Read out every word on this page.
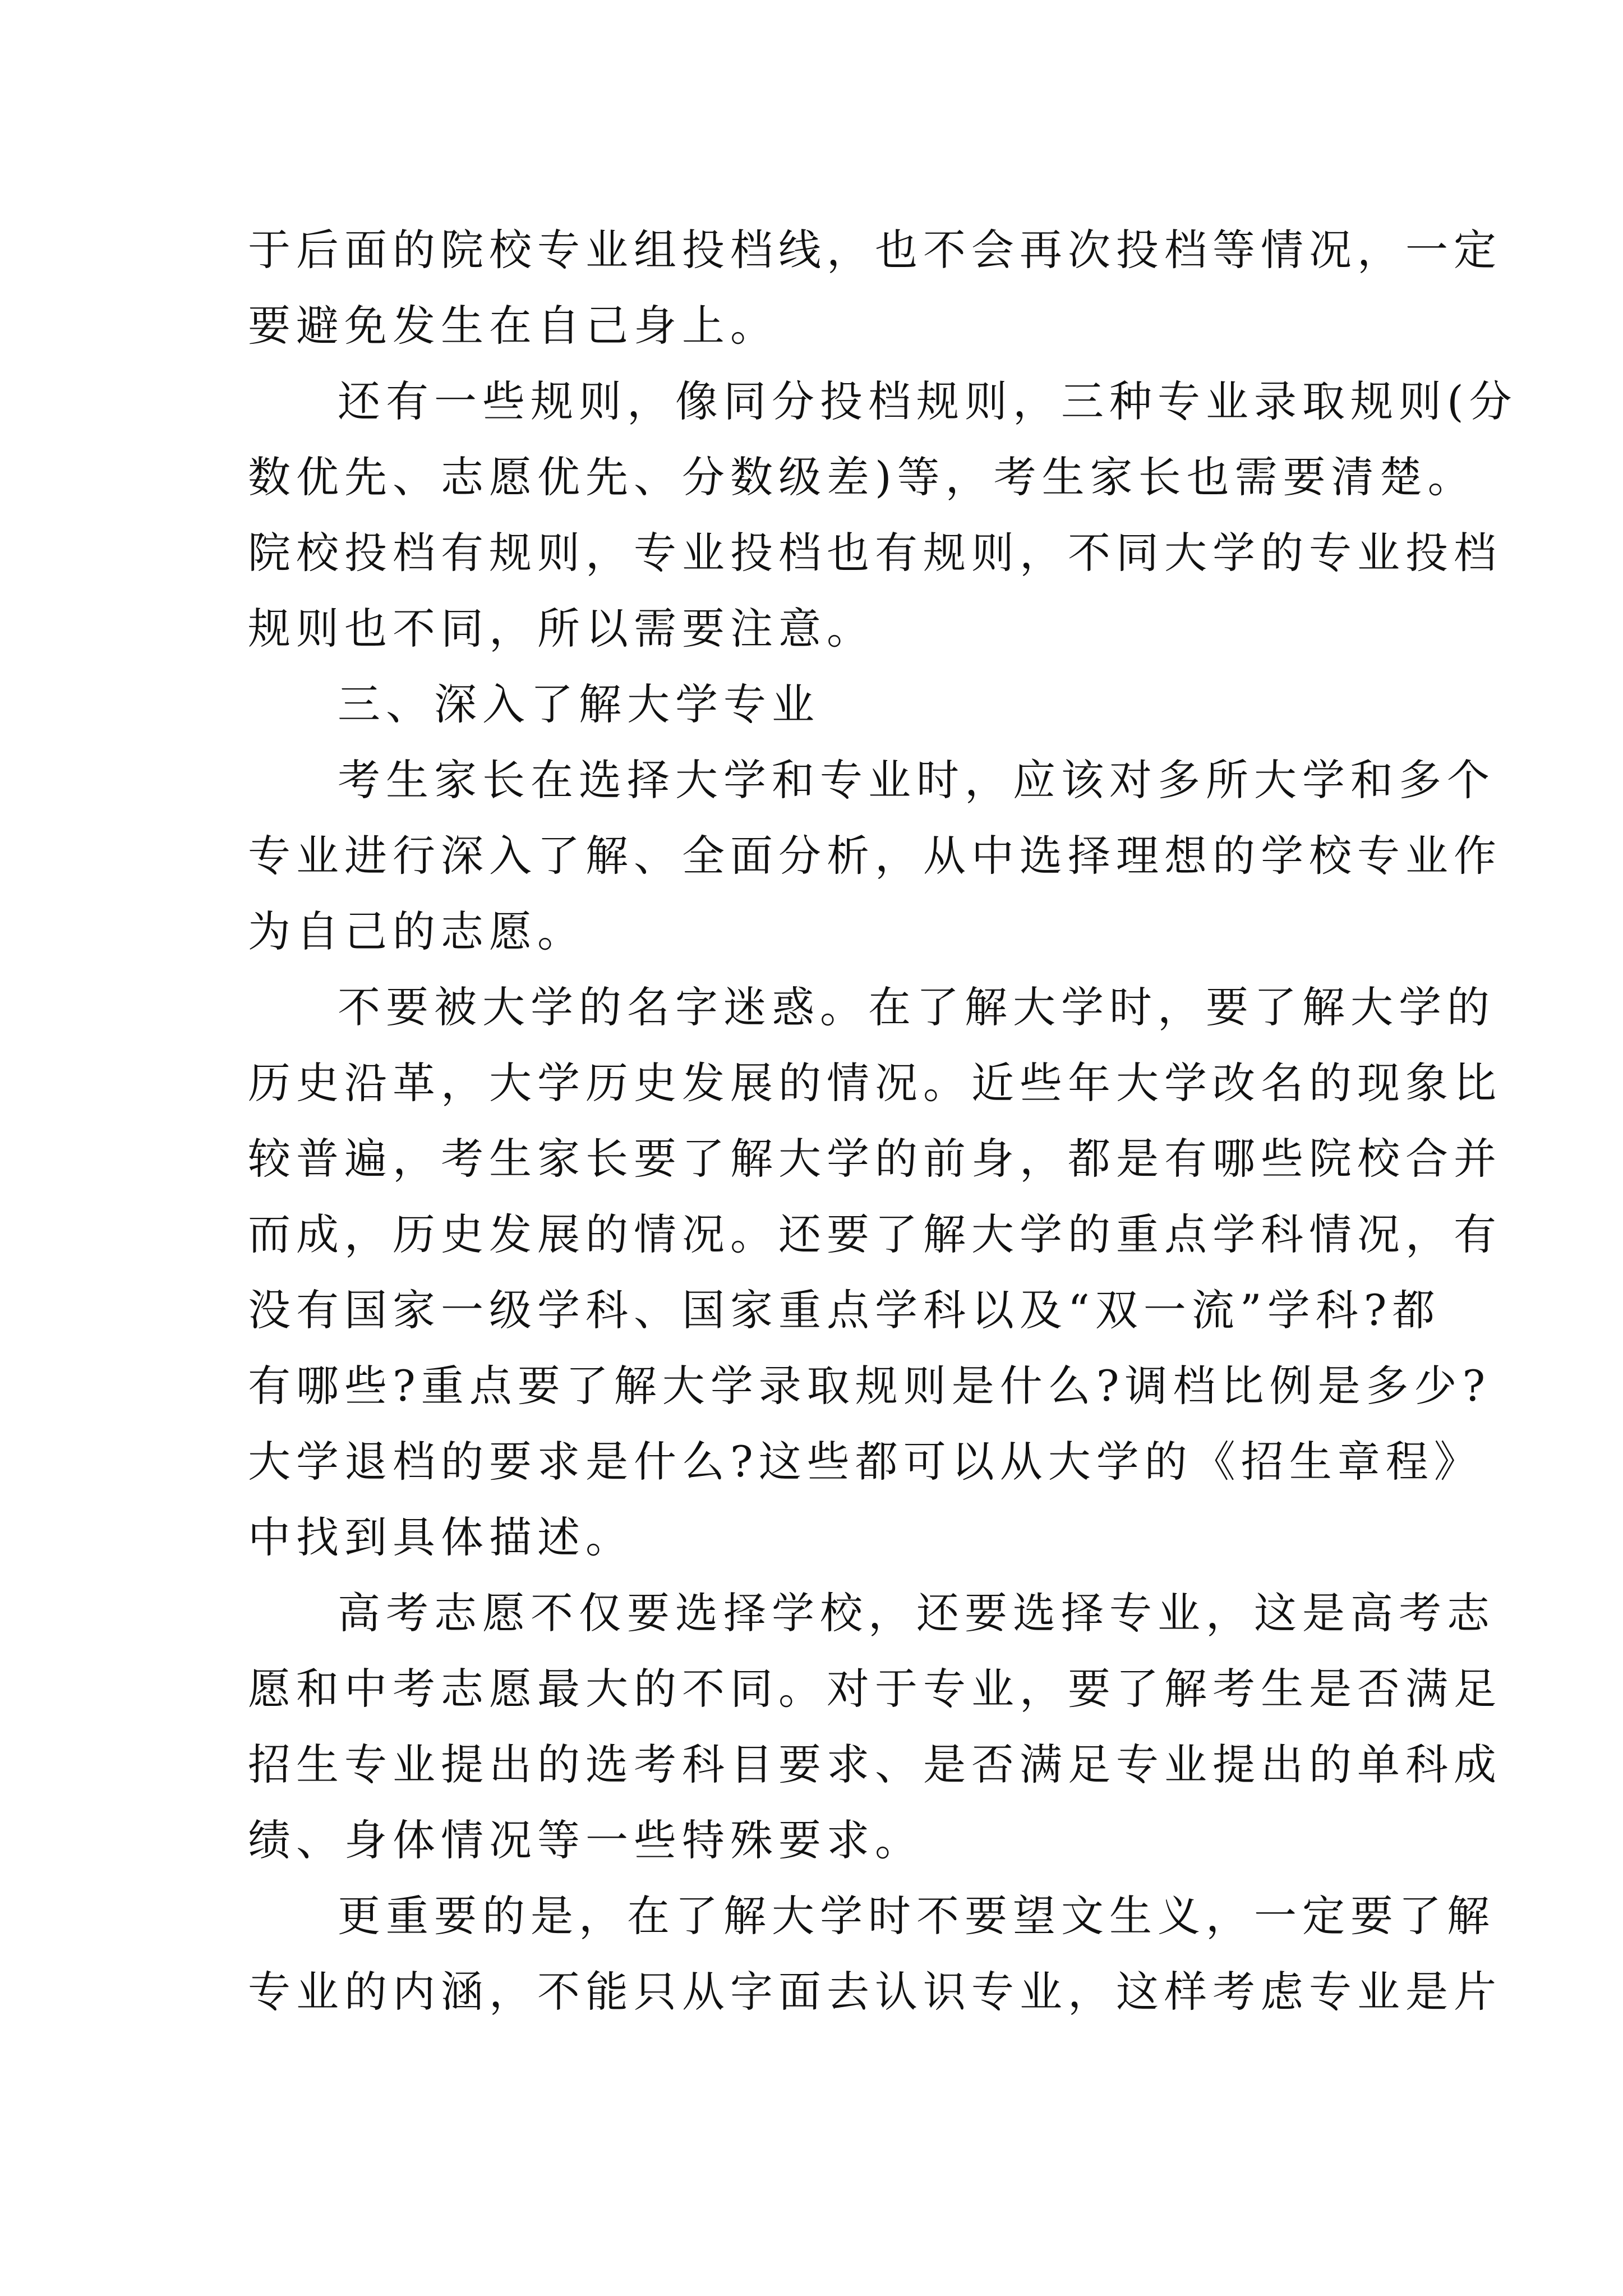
于后面的院校专业组投档线，也不会再次投档等情况，一定
要避免发生在自己身上。

还有一些规则，像同分投档规则，三种专业录取规则(分
数优先、志愿优先、分数级差)等，考生家长也需要清楚。
院校投档有规则，专业投档也有规则，不同大学的专业投档
规则也不同，所以需要注意。

三、深入了解大学专业

考生家长在选择大学和专业时，应该对多所大学和多个
专业进行深入了解、全面分析，从中选择理想的学校专业作
为自己的志愿。

不要被大学的名字迷惑。在了解大学时，要了解大学的
历史沿革，大学历史发展的情况。近些年大学改名的现象比
较普遍，考生家长要了解大学的前身，都是有哪些院校合并
而成，历史发展的情况。还要了解大学的重点学科情况，有
没有国家一级学科、国家重点学科以及“双一流”学科?都
有哪些?重点要了解大学录取规则是什么?调档比例是多少?
大学退档的要求是什么?这些都可以从大学的《招生章程》
中找到具体描述。

高考志愿不仅要选择学校，还要选择专业，这是高考志
愿和中考志愿最大的不同。对于专业，要了解考生是否满足
招生专业提出的选考科目要求、是否满足专业提出的单科成
绩、身体情况等一些特殊要求。

更重要的是，在了解大学时不要望文生义，一定要了解
专业的内涵，不能只从字面去认识专业，这样考虑专业是片
